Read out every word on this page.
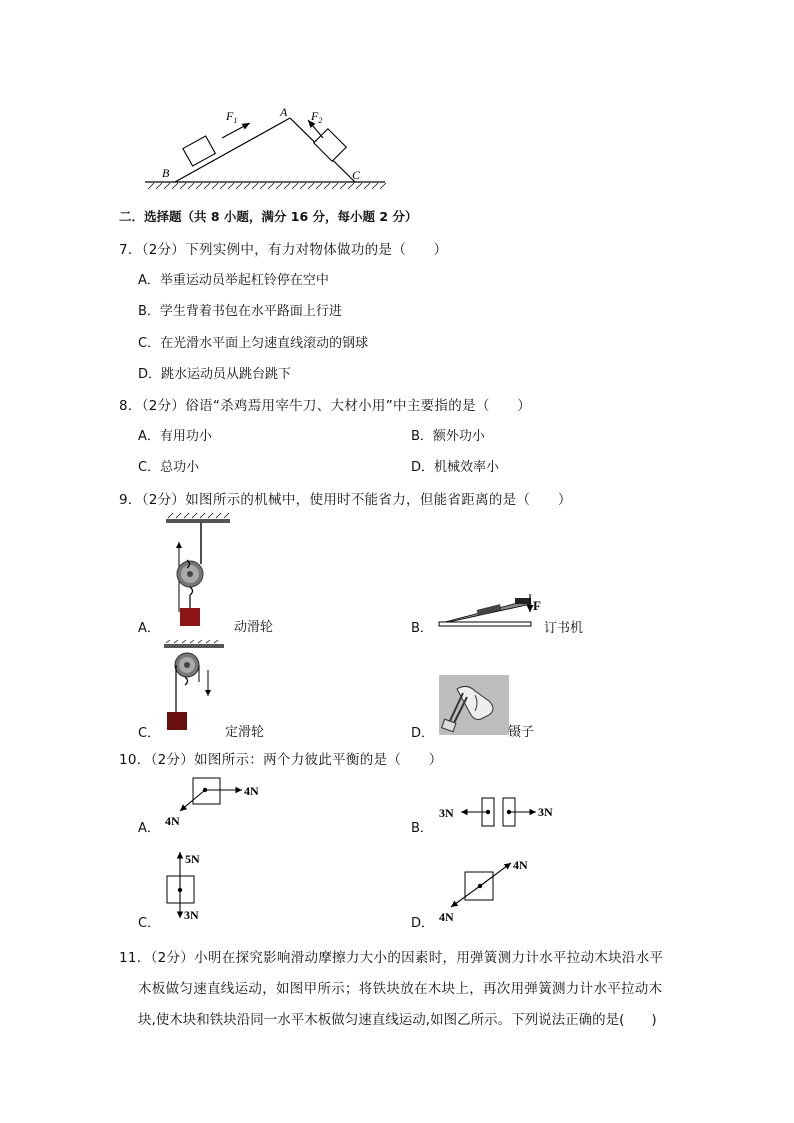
$F_1$	$F_2$
A
B	C
二．选择题（共 8 小题，满分 16 分，每小题 2 分）
7．（2分）下列实例中，有力对物体做功的是（　　）
A．举重运动员举起杠铃停在空中
B．学生背着书包在水平路面上行进
C．在光滑水平面上匀速直线滚动的钢球
D．跳水运动员从跳台跳下
8．（2分）俗语“杀鸡焉用宰牛刀、大材小用”中主要指的是（　　）
A．有用功小	B．额外功小
C．总功小	D．机械效率小
9．（2分）如图所示的机械中，使用时不能省力，但能省距离的是（　　）
A．	动滑轮
F
B．	订书机
C．	定滑轮	D．	镊子
10．（2分）如图所示：两个力彼此平衡的是（　　）
4N
4N
A．
3N	3N
B．
5N
3N
C．
4N
4N
D．
11．（2分）小明在探究影响滑动摩擦力大小的因素时，用弹簧测力计水平拉动木块沿水平
木板做匀速直线运动，如图甲所示；将铁块放在木块上，再次用弹簧测力计水平拉动木
块,使木块和铁块沿同一水平木板做匀速直线运动,如图乙所示。下列说法正确的是(　　)
